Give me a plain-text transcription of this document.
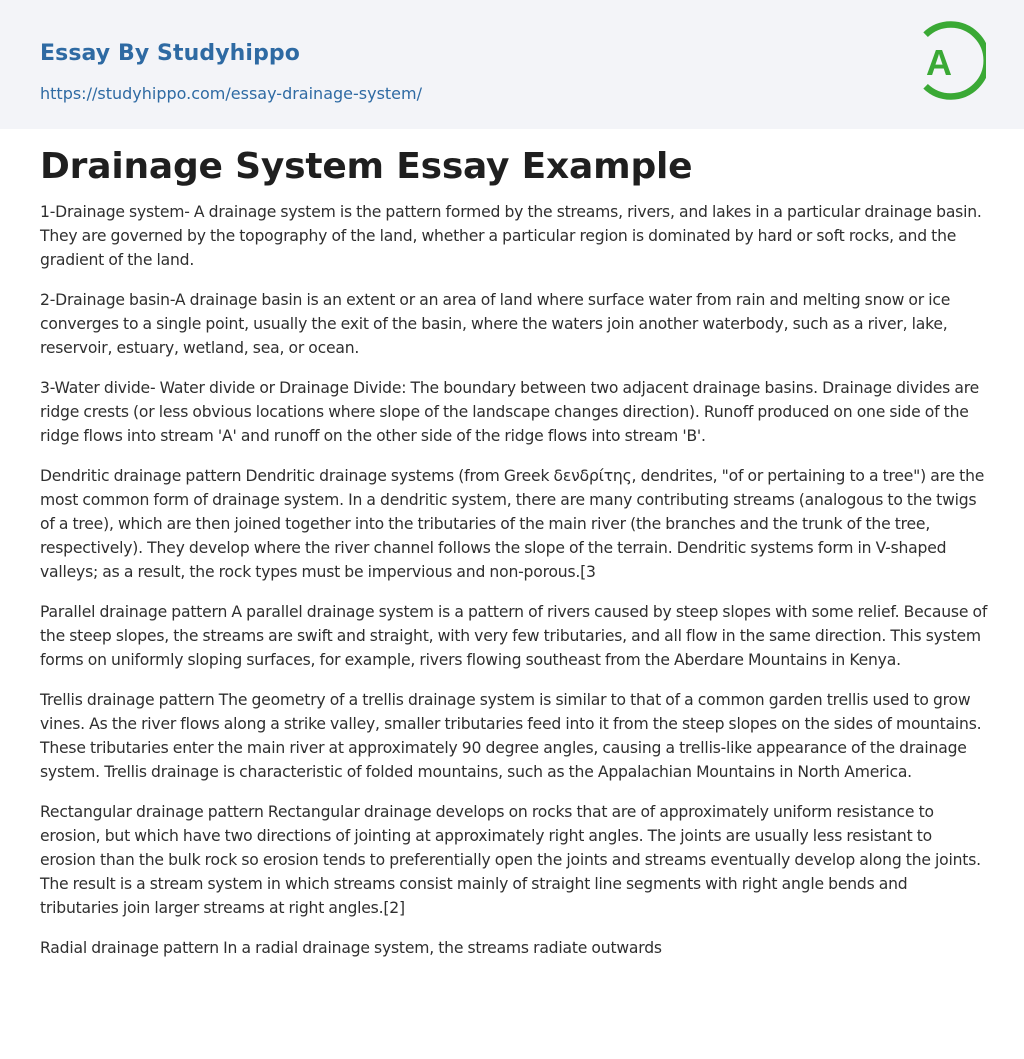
Essay By Studyhippo
https://studyhippo.com/essay-drainage-system/
A
Drainage System Essay Example

1-Drainage system- A drainage system is the pattern formed by the streams, rivers, and lakes in a particular drainage basin. They are governed by the topography of the land, whether a particular region is dominated by hard or soft rocks, and the gradient of the land.

2-Drainage basin-A drainage basin is an extent or an area of land where surface water from rain and melting snow or ice converges to a single point, usually the exit of the basin, where the waters join another waterbody, such as a river, lake, reservoir, estuary, wetland, sea, or ocean.

3-Water divide- Water divide or Drainage Divide: The boundary between two adjacent drainage basins. Drainage divides are ridge crests (or less obvious locations where slope of the landscape changes direction). Runoff produced on one side of the ridge flows into stream 'A' and runoff on the other side of the ridge flows into stream 'B'.

Dendritic drainage pattern Dendritic drainage systems (from Greek δενδρίτης, dendrites, "of or pertaining to a tree") are the most common form of drainage system. In a dendritic system, there are many contributing streams (analogous to the twigs of a tree), which are then joined together into the tributaries of the main river (the branches and the trunk of the tree, respectively). They develop where the river channel follows the slope of the terrain. Dendritic systems form in V-shaped valleys; as a result, the rock types must be impervious and non-porous.[3

Parallel drainage pattern A parallel drainage system is a pattern of rivers caused by steep slopes with some relief. Because of the steep slopes, the streams are swift and straight, with very few tributaries, and all flow in the same direction. This system forms on uniformly sloping surfaces, for example, rivers flowing southeast from the Aberdare Mountains in Kenya.

Trellis drainage pattern The geometry of a trellis drainage system is similar to that of a common garden trellis used to grow vines. As the river flows along a strike valley, smaller tributaries feed into it from the steep slopes on the sides of mountains. These tributaries enter the main river at approximately 90 degree angles, causing a trellis-like appearance of the drainage system. Trellis drainage is characteristic of folded mountains, such as the Appalachian Mountains in North America.

Rectangular drainage pattern Rectangular drainage develops on rocks that are of approximately uniform resistance to erosion, but which have two directions of jointing at approximately right angles. The joints are usually less resistant to erosion than the bulk rock so erosion tends to preferentially open the joints and streams eventually develop along the joints. The result is a stream system in which streams consist mainly of straight line segments with right angle bends and tributaries join larger streams at right angles.[2]

Radial drainage pattern In a radial drainage system, the streams radiate outwards
